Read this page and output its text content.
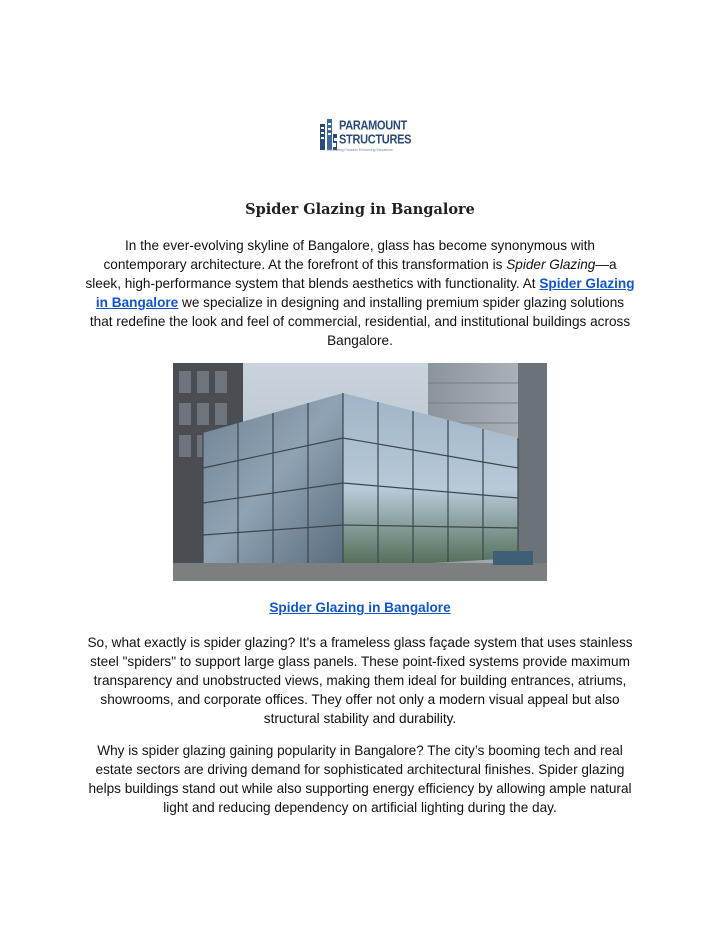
PARAMOUNT
STRUCTURES
Innovating Facades Enhancing Elevations
Spider Glazing in Bangalore
In the ever-evolving skyline of Bangalore, glass has become synonymous with contemporary architecture. At the forefront of this transformation is Spider Glazing—a sleek, high-performance system that blends aesthetics with functionality. At Spider Glazing in Bangalore we specialize in designing and installing premium spider glazing solutions that redefine the look and feel of commercial, residential, and institutional buildings across Bangalore.
Spider Glazing in Bangalore
So, what exactly is spider glazing? It's a frameless glass façade system that uses stainless steel "spiders" to support large glass panels. These point-fixed systems provide maximum transparency and unobstructed views, making them ideal for building entrances, atriums, showrooms, and corporate offices. They offer not only a modern visual appeal but also structural stability and durability.
Why is spider glazing gaining popularity in Bangalore? The city’s booming tech and real estate sectors are driving demand for sophisticated architectural finishes. Spider glazing helps buildings stand out while also supporting energy efficiency by allowing ample natural light and reducing dependency on artificial lighting during the day.
